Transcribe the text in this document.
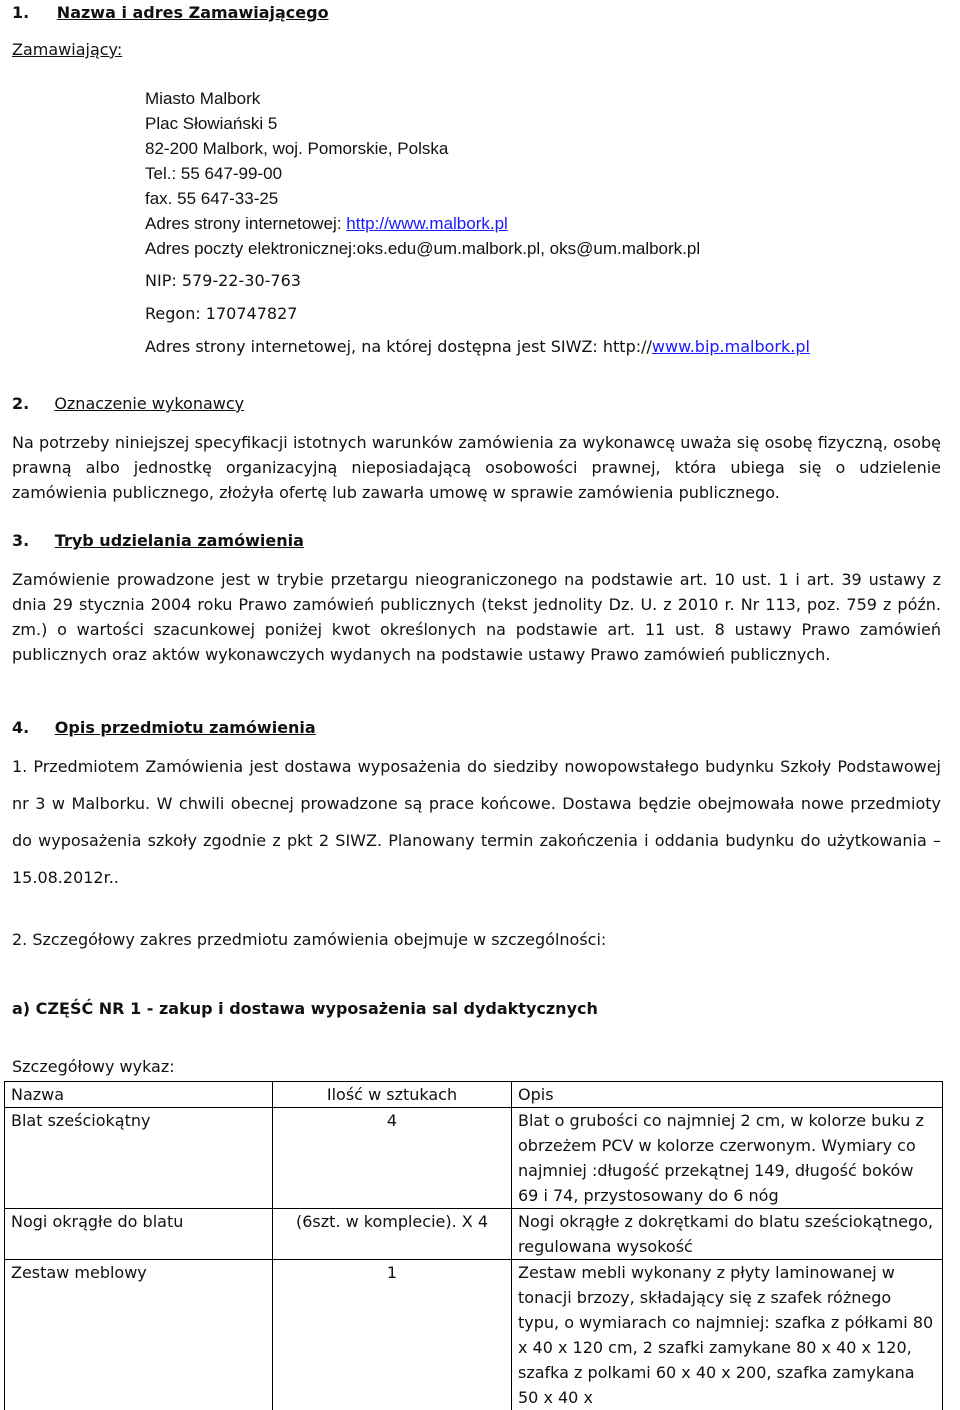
1. Nazwa i adres Zamawiającego
Zamawiający:
Miasto Malbork
Plac Słowiański 5
82-200 Malbork, woj. Pomorskie, Polska
Tel.: 55 647-99-00
fax. 55 647-33-25
Adres strony internetowej: http://www.malbork.pl
Adres poczty elektronicznej:oks.edu@um.malbork.pl, oks@um.malbork.pl
NIP: 579-22-30-763
Regon: 170747827
Adres strony internetowej, na której dostępna jest SIWZ: http://www.bip.malbork.pl
2. Oznaczenie wykonawcy
Na potrzeby niniejszej specyfikacji istotnych warunków zamówienia za wykonawcę uważa się osobę fizyczną, osobę prawną albo jednostkę organizacyjną nieposiadającą osobowości prawnej, która ubiega się o udzielenie zamówienia publicznego, złożyła ofertę lub zawarła umowę w sprawie zamówienia publicznego.
3. Tryb udzielania zamówienia
Zamówienie prowadzone jest w trybie przetargu nieograniczonego na podstawie art. 10 ust. 1 i art. 39 ustawy z dnia 29 stycznia 2004 roku Prawo zamówień publicznych (tekst jednolity Dz. U. z 2010 r. Nr 113, poz. 759 z późn. zm.) o wartości szacunkowej poniżej kwot określonych na podstawie art. 11 ust. 8 ustawy Prawo zamówień publicznych oraz aktów wykonawczych wydanych na podstawie ustawy Prawo zamówień publicznych.
4. Opis przedmiotu zamówienia
1. Przedmiotem Zamówienia jest dostawa wyposażenia do siedziby nowopowstałego budynku Szkoły Podstawowej nr 3 w Malborku. W chwili obecnej prowadzone są prace końcowe. Dostawa będzie obejmowała nowe przedmioty do wyposażenia szkoły zgodnie z pkt 2 SIWZ. Planowany termin zakończenia i oddania budynku do użytkowania – 15.08.2012r..
2. Szczegółowy zakres przedmiotu zamówienia obejmuje w szczególności:
a) CZĘŚĆ NR 1 - zakup i dostawa wyposażenia sal dydaktycznych
Szczegółowy wykaz:
Nazwa	Ilość w sztukach	Opis
Blat sześciokątny	4	Blat o grubości co najmniej 2 cm, w kolorze buku z obrzeżem PCV w kolorze czerwonym. Wymiary co najmniej :długość przekątnej 149, długość boków 69 i 74, przystosowany do 6 nóg
Nogi okrągłe do blatu	(6szt. w komplecie). X 4	Nogi okrągłe z dokrętkami do blatu sześciokątnego, regulowana wysokość
Zestaw meblowy	1	Zestaw mebli wykonany z płyty laminowanej w tonacji brzozy, składający się z szafek różnego typu, o wymiarach co najmniej: szafka z półkami 80 x 40 x 120 cm, 2 szafki zamykane 80 x 40 x 120, szafka z polkami 60 x 40 x 200, szafka zamykana 50 x 40 x
